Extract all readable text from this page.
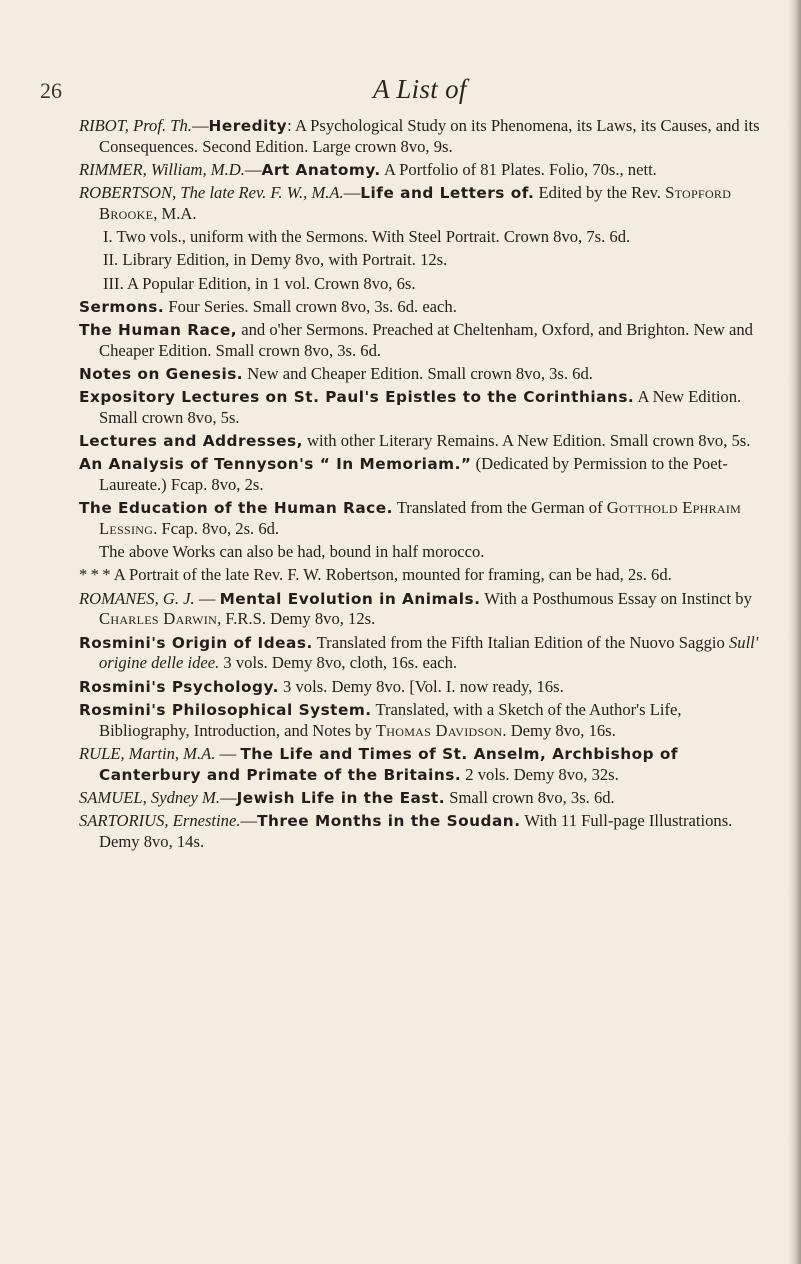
26	A List of

RIBOT, Prof. Th.—Heredity: A Psychological Study on its Phenomena, its Laws, its Causes, and its Consequences. Second Edition. Large crown 8vo, 9s.

RIMMER, William, M.D.—Art Anatomy. A Portfolio of 81 Plates. Folio, 70s., nett.

ROBERTSON, The late Rev. F. W., M.A.—Life and Letters of. Edited by the Rev. Stopford Brooke, M.A.

I. Two vols., uniform with the Sermons. With Steel Portrait. Crown 8vo, 7s. 6d.

II. Library Edition, in Demy 8vo, with Portrait. 12s.

III. A Popular Edition, in 1 vol. Crown 8vo, 6s.

Sermons. Four Series. Small crown 8vo, 3s. 6d. each.

The Human Race, and o'her Sermons. Preached at Cheltenham, Oxford, and Brighton. New and Cheaper Edition. Small crown 8vo, 3s. 6d.

Notes on Genesis. New and Cheaper Edition. Small crown 8vo, 3s. 6d.

Expository Lectures on St. Paul's Epistles to the Corinthians. A New Edition. Small crown 8vo, 5s.

Lectures and Addresses, with other Literary Remains. A New Edition. Small crown 8vo, 5s.

An Analysis of Tennyson's “ In Memoriam.” (Dedicated by Permission to the Poet-Laureate.) Fcap. 8vo, 2s.

The Education of the Human Race. Translated from the German of Gotthold Ephraim Lessing. Fcap. 8vo, 2s. 6d.

The above Works can also be had, bound in half morocco.

* * * A Portrait of the late Rev. F. W. Robertson, mounted for framing, can be had, 2s. 6d.

ROMANES, G. J. — Mental Evolution in Animals. With a Posthumous Essay on Instinct by Charles Darwin, F.R.S. Demy 8vo, 12s.

Rosmini's Origin of Ideas. Translated from the Fifth Italian Edition of the Nuovo Saggio Sull' origine delle idee. 3 vols. Demy 8vo, cloth, 16s. each.

Rosmini's Psychology. 3 vols. Demy 8vo. [Vol. I. now ready, 16s.

Rosmini's Philosophical System. Translated, with a Sketch of the Author's Life, Bibliography, Introduction, and Notes by Thomas Davidson. Demy 8vo, 16s.

RULE, Martin, M.A. — The Life and Times of St. Anselm, Archbishop of Canterbury and Primate of the Britains. 2 vols. Demy 8vo, 32s.

SAMUEL, Sydney M.—Jewish Life in the East. Small crown 8vo, 3s. 6d.

SARTORIUS, Ernestine.—Three Months in the Soudan. With 11 Full-page Illustrations. Demy 8vo, 14s.
